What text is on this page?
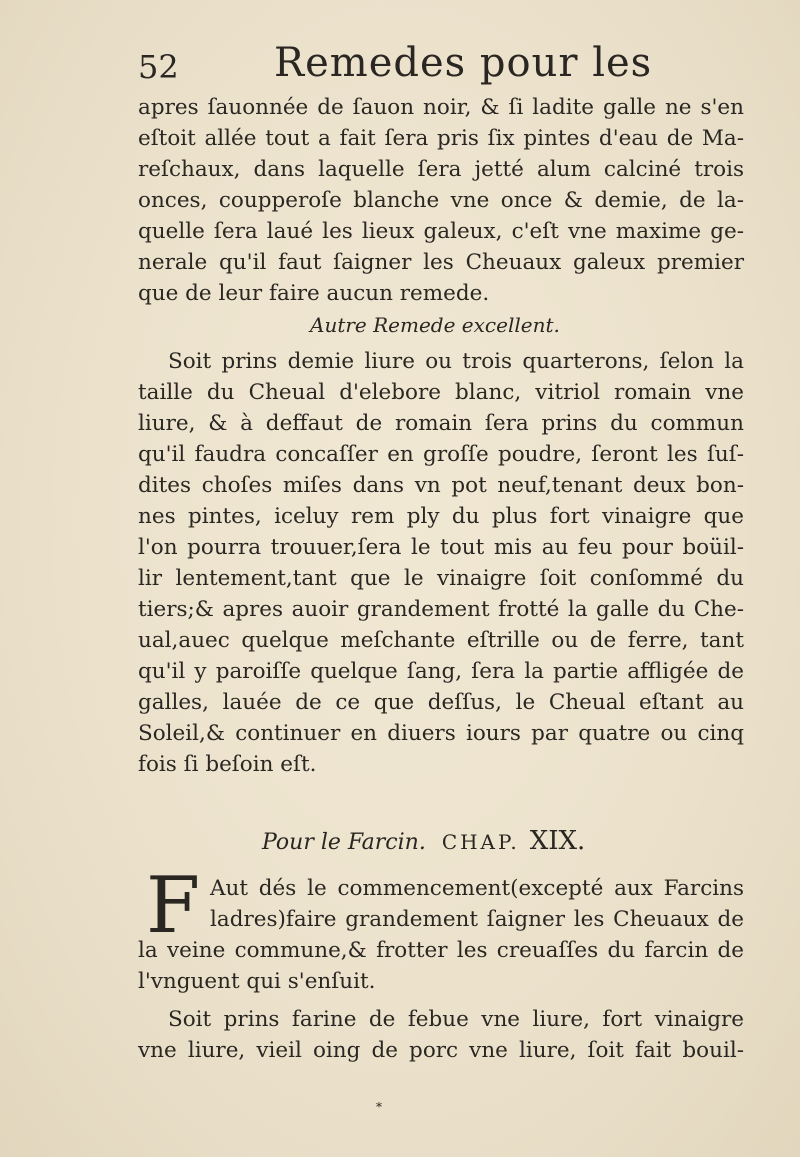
52 Remedes pour les
apres ſauonnée de ſauon noir, & ſi ladite galle ne s'en
eſtoit allée tout a fait ſera pris ſix pintes d'eau de Ma-
reſchaux, dans laquelle ſera jetté alum calciné trois
onces, coupperoſe blanche vne once & demie, de la-
quelle ſera laué les lieux galeux, c'eſt vne maxime ge-
nerale qu'il faut ſaigner les Cheuaux galeux premier
que de leur faire aucun remede.
Autre Remede excellent.
Soit prins demie liure ou trois quarterons, ſelon la
taille du Cheual d'elebore blanc, vitriol romain vne
liure, & à deffaut de romain ſera prins du commun
qu'il faudra concaſſer en groſſe poudre, ſeront les ſuſ-
dites choſes miſes dans vn pot neuf,tenant deux bon-
nes pintes, iceluy rem ply du plus fort vinaigre que
l'on pourra trouuer,ſera le tout mis au feu pour boüil-
lir lentement,tant que le vinaigre ſoit conſommé du
tiers;& apres auoir grandement frotté la galle du Che-
ual,auec quelque meſchante eſtrille ou de ferre, tant
qu'il y paroiſſe quelque ſang, ſera la partie affligée de
galles, lauée de ce que deſſus, le Cheual eſtant au
Soleil,& continuer en diuers iours par quatre ou cinq
fois ſi beſoin eſt.
Pour le Farcin. CHAP. XIX.
F Aut dés le commencement(excepté aux Farcins
ladres)faire grandement ſaigner les Cheuaux de
la veine commune,& frotter les creuaſſes du farcin de
l'vnguent qui s'enſuit.
Soit prins farine de febue vne liure, fort vinaigre
vne liure, vieil oing de porc vne liure, ſoit fait bouil-
*
